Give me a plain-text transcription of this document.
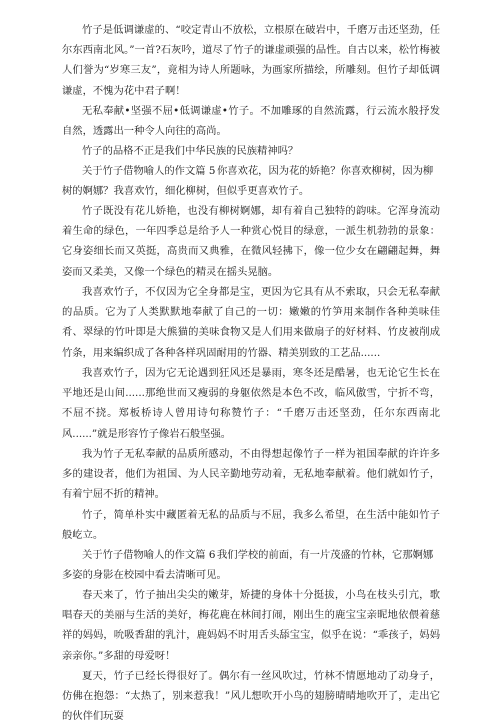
竹子是低调谦虚的、“咬定青山不放松，立根原在破岩中，千磨万击还坚劲，任尔东西南北风。”一首?石灰吟，道尽了竹子的谦虚顽强的品性。自古以来，松竹梅被人们誉为“岁寒三友”，竟相为诗人所题咏，为画家所描绘，所雕刻。但竹子却低调谦虚，不愧为花中君子啊！

无私奉献•坚强不屈•低调谦虚•竹子。不加雕琢的自然流露，行云流水般抒发自然，透露出一种令人向往的高尚。

竹子的品格不正是我们中华民族的民族精神吗？

关于竹子借物喻人的作文篇 5 你喜欢花，因为花的娇艳？你喜欢柳树，因为柳树的婀娜？我喜欢竹，细化柳树，但似乎更喜欢竹子。

竹子既没有花儿娇艳，也没有柳树婀娜，却有着自己独特的韵味。它浑身流动着生命的绿色，一年四季总是给予人一种赏心悦目的绿意，一派生机勃勃的景象：它身姿细长而又英挺，高贵而又典雅，在微风轻拂下，像一位少女在翩翩起舞，舞姿而又柔美，又像一个绿色的精灵在摇头晃脑。

我喜欢竹子，不仅因为它全身都是宝，更因为它具有从不索取，只会无私奉献的品质。它为了人类默默地奉献了自己的一切：嫩嫩的竹笋用来制作各种美味佳肴、翠绿的竹叶即是大熊猫的美味食物又是人们用来做扇子的好材料、竹皮被削成竹条，用来编织成了各种各样巩固耐用的竹器、精美别致的工艺品......

我喜欢竹子，因为它无论遇到狂风还是暴雨，寒冬还是酷暑，也无论它生长在平地还是山间......那绝世而又瘦弱的身躯依然是本色不改，临风傲雪，宁折不弯，不屈不挠。郑板桥诗人曾用诗句称赞竹子：“千磨万击还坚劲，任尔东西南北风......”就是形容竹子像岩石般坚强。

我为竹子无私奉献的品质所感动，不由得想起像竹子一样为祖国奉献的许许多多的建设者，他们为祖国、为人民辛勤地劳动着，无私地奉献着。他们就如竹子，有着宁屈不折的精神。

竹子，简单朴实中藏匿着无私的品质与不屈，我多么希望，在生活中能如竹子般屹立。

关于竹子借物喻人的作文篇 6 我们学校的前面，有一片茂盛的竹林，它那婀娜多姿的身影在校园中看去清晰可见。

春天来了，竹子抽出尖尖的嫩芽，矫捷的身体十分挺拔，小鸟在枝头引亢，歌唱春天的美丽与生活的美好，梅花鹿在林间打闹，刚出生的鹿宝宝亲昵地依偎着慈祥的妈妈，吮吸香甜的乳汁，鹿妈妈不时用舌头舔宝宝，似乎在说：“乖孩子，妈妈亲亲你。”多甜的母爱呀！

夏天，竹子已经长得很好了。偶尔有一丝风吹过，竹林不情愿地动了动身子，仿佛在抱怨：“太热了，别来惹我！”风儿想吹开小鸟的翅膀晴晴地吹开了，走出它的伙伴们玩耍
